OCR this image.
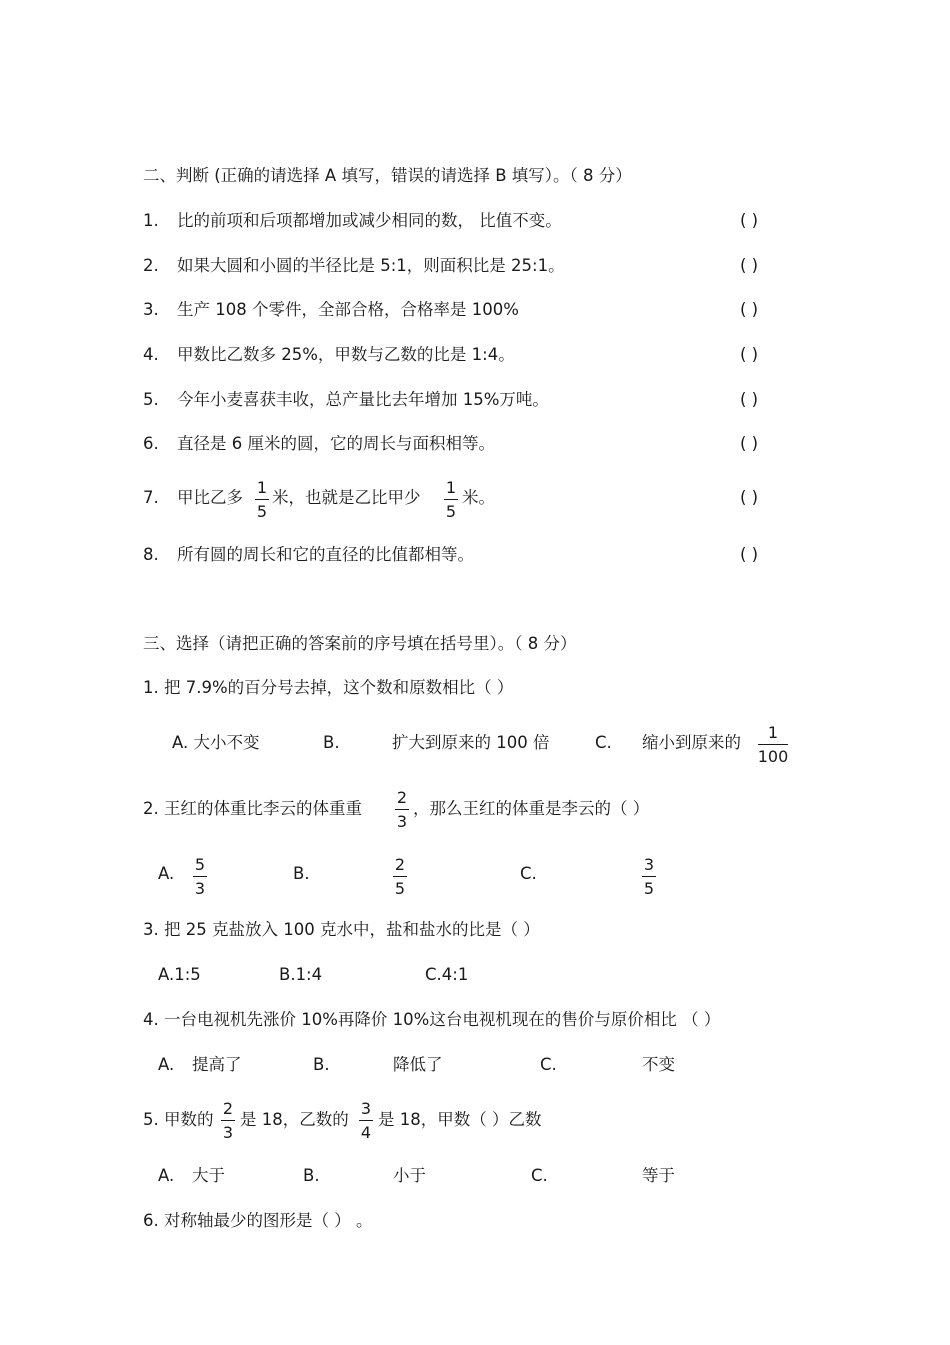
二、判断 (正确的请选择 A 填写，错误的请选择 B 填写）。（ 8 分）
1. 比的前项和后项都增加或减少相同的数， 比值不变。	( )
2. 如果大圆和小圆的半径比是 5:1，则面积比是 25:1。	( )
3. 生产 108 个零件，全部合格，合格率是 100%	( )
4. 甲数比乙数多 25%，甲数与乙数的比是 1:4。	( )
5. 今年小麦喜获丰收，总产量比去年增加 15%万吨。	( )
6. 直径是 6 厘米的圆，它的周长与面积相等。	( )
7. 甲比乙多
1
5
米，也就是乙比甲少
1
5
米。	( )
8. 所有圆的周长和它的直径的比值都相等。	( )
三、选择（请把正确的答案前的序号填在括号里）。（ 8 分）
1. 把 7.9%的百分号去掉，这个数和原数相比（ ）
A. 大小不变	B.	扩大到原来的 100 倍	C. 缩小到原来的
1
100
2. 王红的体重比李云的体重重
2
3
，那么王红的体重是李云的（ ）
A.	5
3
B.	2
5
C.	3
5
3. 把 25 克盐放入 100 克水中，盐和盐水的比是（ ）
A.1:5	B.1:4	C.4:1
4. 一台电视机先涨价 10%再降价 10%这台电视机现在的售价与原价相比 （ ）
A. 提高了	B.	降低了	C.	不变
5. 甲数的
2
3
是 18，乙数的
3
4
是 18，甲数（ ）乙数
A. 大于	B.	小于	C.	等于
6. 对称轴最少的图形是（ ） 。
